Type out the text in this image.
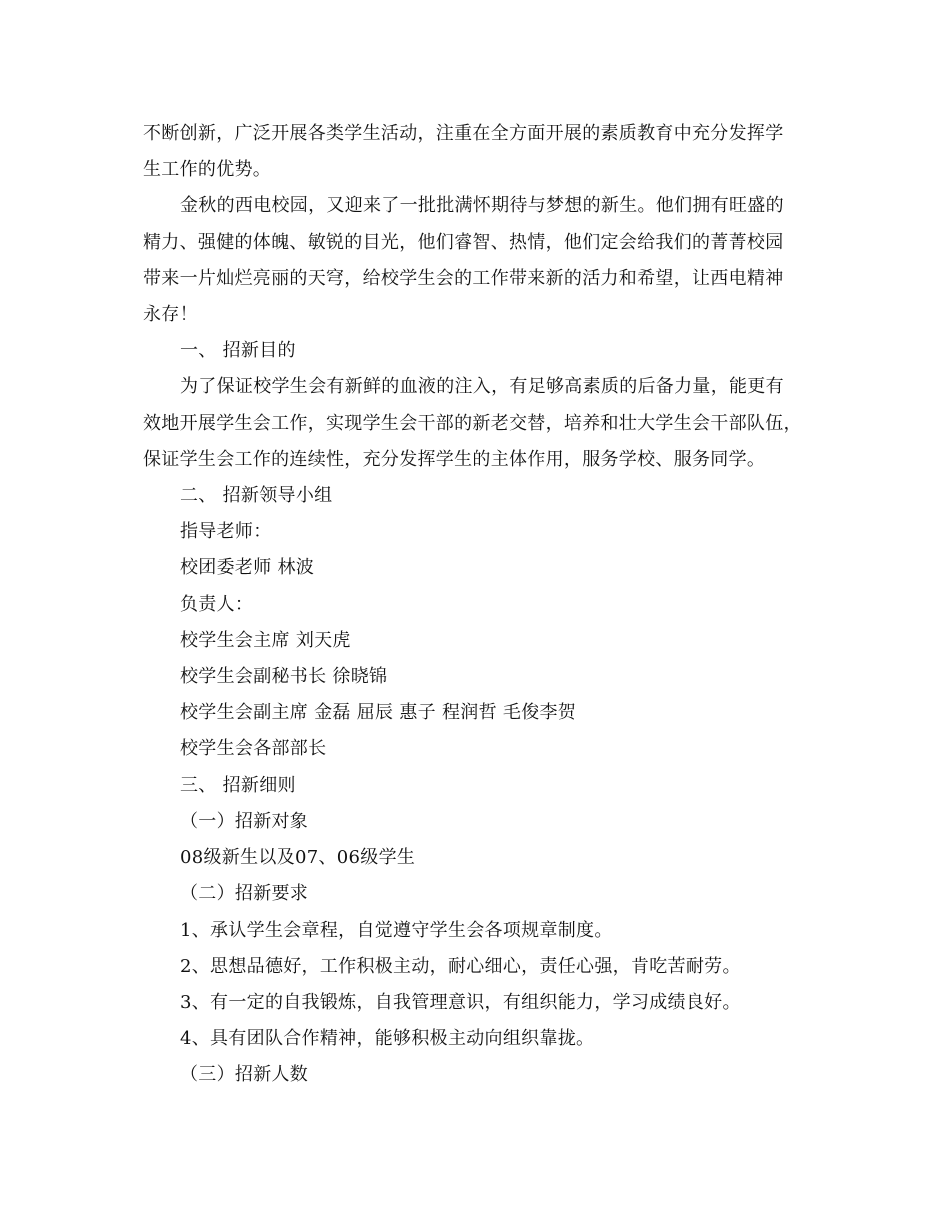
不断创新，广泛开展各类学生活动，注重在全方面开展的素质教育中充分发挥学
生工作的优势。
金秋的西电校园，又迎来了一批批满怀期待与梦想的新生。他们拥有旺盛的
精力、强健的体魄、敏锐的目光，他们睿智、热情，他们定会给我们的菁菁校园
带来一片灿烂亮丽的天穹，给校学生会的工作带来新的活力和希望，让西电精神
永存！
一、 招新目的
为了保证校学生会有新鲜的血液的注入，有足够高素质的后备力量，能更有
效地开展学生会工作，实现学生会干部的新老交替，培养和壮大学生会干部队伍，
保证学生会工作的连续性，充分发挥学生的主体作用，服务学校、服务同学。
二、 招新领导小组
指导老师：
校团委老师 林波
负责人：
校学生会主席 刘天虎
校学生会副秘书长 徐晓锦
校学生会副主席 金磊 屈辰 惠子 程润哲 毛俊李贺
校学生会各部部长
三、 招新细则
（一）招新对象
08级新生以及07、06级学生
（二）招新要求
1、承认学生会章程，自觉遵守学生会各项规章制度。
2、思想品德好，工作积极主动，耐心细心，责任心强，肯吃苦耐劳。
3、有一定的自我锻炼，自我管理意识，有组织能力，学习成绩良好。
4、具有团队合作精神，能够积极主动向组织靠拢。
（三）招新人数
